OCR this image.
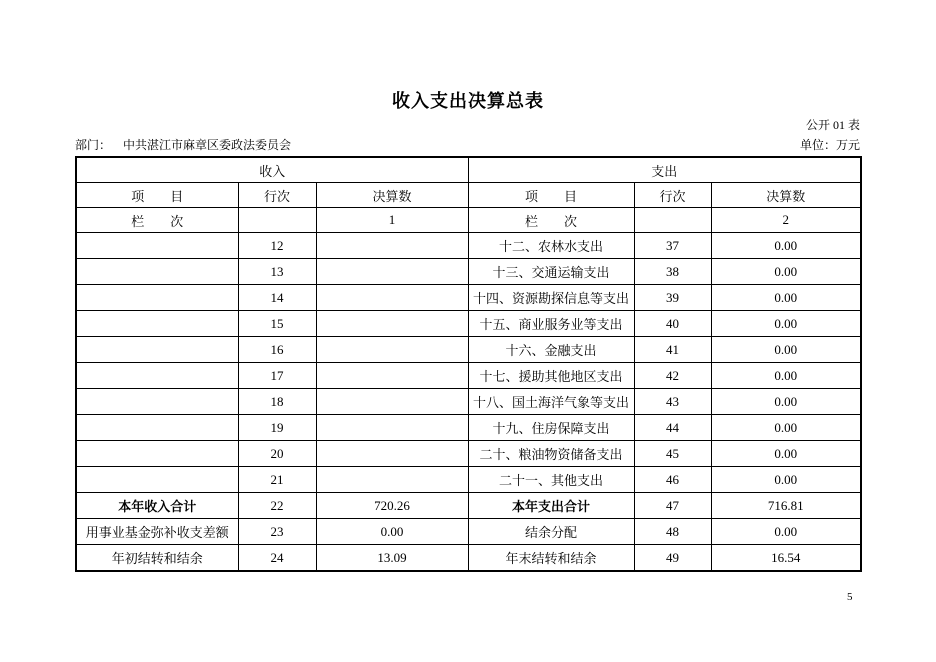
收入支出决算总表
公开 01 表
部门： 中共湛江市麻章区委政法委员会	单位：万元
收入			支出		
项　　目	行次	决算数	项　　目	行次	决算数
栏　　次		1	栏　　次		2
	12		十二、农林水支出	37	0.00
	13		十三、交通运输支出	38	0.00
	14		十四、资源勘探信息等支出	39	0.00
	15		十五、商业服务业等支出	40	0.00
	16		十六、金融支出	41	0.00
	17		十七、援助其他地区支出	42	0.00
	18		十八、国土海洋气象等支出	43	0.00
	19		十九、住房保障支出	44	0.00
	20		二十、粮油物资储备支出	45	0.00
	21		二十一、其他支出	46	0.00
本年收入合计	22	720.26	本年支出合计	47	716.81
用事业基金弥补收支差额	23	0.00	结余分配	48	0.00
年初结转和结余	24	13.09	年末结转和结余	49	16.54
5
